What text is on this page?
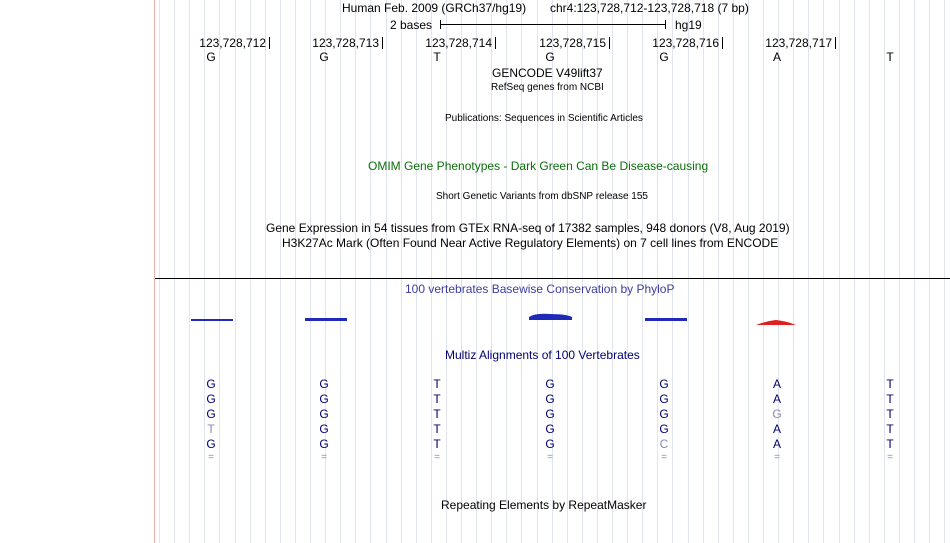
Human Feb. 2009 (GRCh37/hg19) chr4:123,728,712-123,728,718 (7 bp)
2 bases	hg19
123,728,712	123,728,713	123,728,714	123,728,715	123,728,716	123,728,717
G	G	T	G	G	A	T
GENCODE V49lift37
RefSeq genes from NCBI
Publications: Sequences in Scientific Articles
OMIM Gene Phenotypes - Dark Green Can Be Disease-causing
Short Genetic Variants from dbSNP release 155
Gene Expression in 54 tissues from GTEx RNA-seq of 17382 samples, 948 donors (V8, Aug 2019)
H3K27Ac Mark (Often Found Near Active Regulatory Elements) on 7 cell lines from ENCODE
100 vertebrates Basewise Conservation by PhyloP
Multiz Alignments of 100 Vertebrates
G	G	T	G	G	A	T
G	G	T	G	G	A	T
G	G	T	G	G	G	T
T	G	T	G	G	A	T
G	G	T	G	C	A	T
=	=	=	=	=	=	=
Repeating Elements by RepeatMasker
